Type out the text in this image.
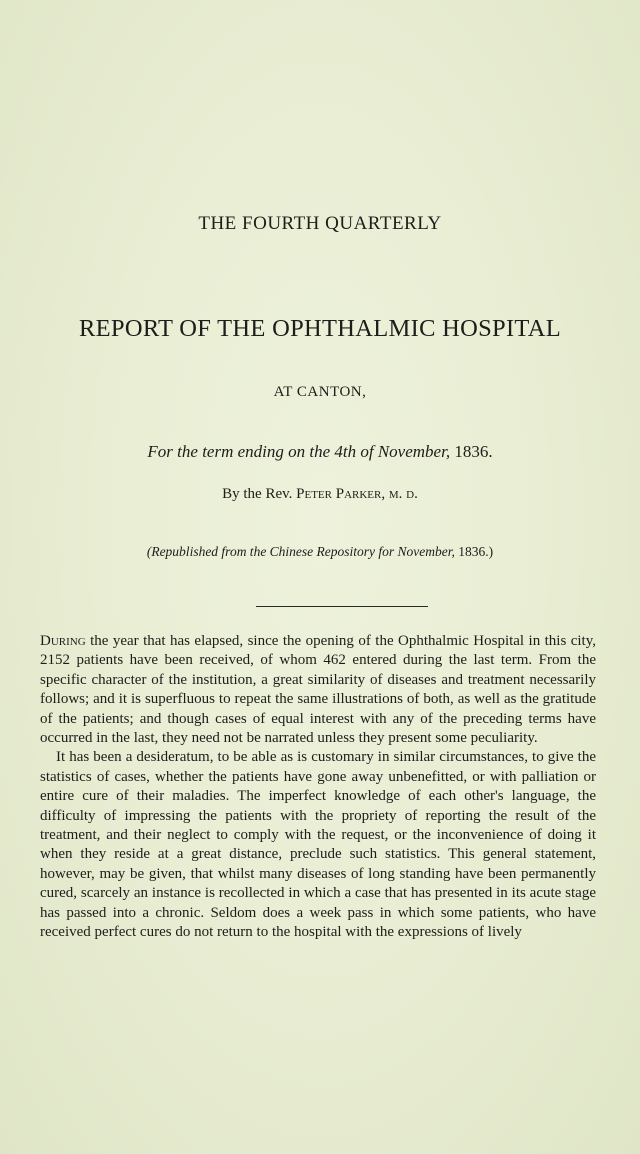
THE FOURTH QUARTERLY
REPORT OF THE OPHTHALMIC HOSPITAL
AT CANTON,
For the term ending on the 4th of November, 1836.
By the Rev. Peter Parker, m. d.
(Republished from the Chinese Repository for November, 1836.)

During the year that has elapsed, since the opening of the Ophthalmic Hospital in this city, 2152 patients have been received, of whom 462 entered during the last term. From the specific character of the institution, a great similarity of diseases and treatment necessarily follows; and it is superfluous to repeat the same illustrations of both, as well as the gratitude of the patients; and though cases of equal interest with any of the preceding terms have occurred in the last, they need not be narrated unless they present some peculiarity.

It has been a desideratum, to be able as is customary in similar circumstances, to give the statistics of cases, whether the patients have gone away unbenefitted, or with palliation or entire cure of their maladies. The imperfect knowledge of each other's language, the difficulty of impressing the patients with the propriety of reporting the result of the treatment, and their neglect to comply with the request, or the inconvenience of doing it when they reside at a great distance, preclude such statistics. This general statement, however, may be given, that whilst many diseases of long standing have been permanently cured, scarcely an instance is recollected in which a case that has presented in its acute stage has passed into a chronic. Seldom does a week pass in which some patients, who have received perfect cures do not return to the hospital with the expressions of lively
